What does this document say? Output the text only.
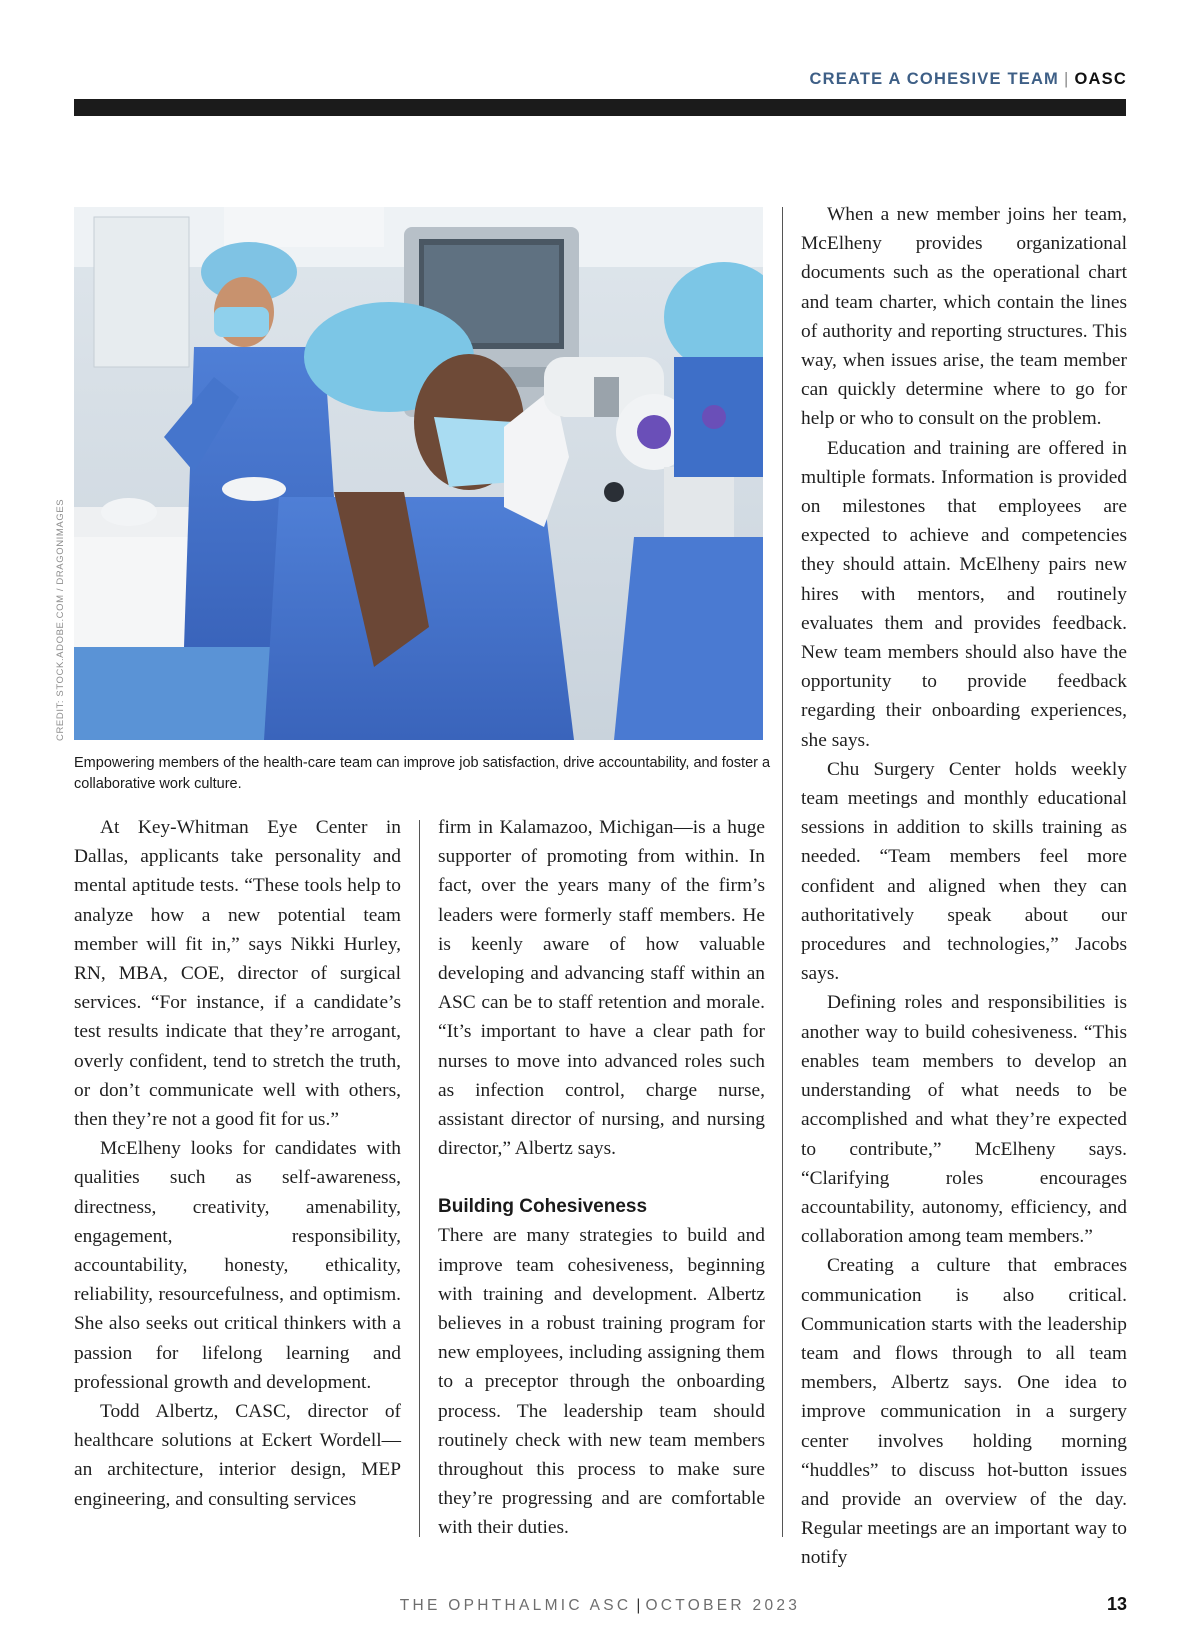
CREATE A COHESIVE TEAM | OASC
CREDIT: STOCK.ADOBE.COM / DRAGONIMAGES

Empowering members of the health-care team can improve job satisfaction, drive accountability, and foster a collaborative work culture.

At Key-Whitman Eye Center in Dallas, applicants take personality and mental aptitude tests. “These tools help to analyze how a new potential team member will fit in,” says Nikki Hurley, RN, MBA, COE, director of surgical services. “For instance, if a candidate’s test results indicate that they’re arrogant, overly confident, tend to stretch the truth, or don’t communicate well with others, then they’re not a good fit for us.”

McElheny looks for candidates with qualities such as self-awareness, directness, creativity, amenability, engagement, responsibility, accountability, honesty, ethicality, reliability, resourcefulness, and optimism. She also seeks out critical thinkers with a passion for lifelong learning and professional growth and development.

Todd Albertz, CASC, director of healthcare solutions at Eckert Wordell—an architecture, interior design, MEP engineering, and consulting services

firm in Kalamazoo, Michigan—is a huge supporter of promoting from within. In fact, over the years many of the firm’s leaders were formerly staff members. He is keenly aware of how valuable developing and advancing staff within an ASC can be to staff retention and morale. “It’s important to have a clear path for nurses to move into advanced roles such as infection control, charge nurse, assistant director of nursing, and nursing director,” Albertz says.

Building Cohesiveness

There are many strategies to build and improve team cohesiveness, beginning with training and development. Albertz believes in a robust training program for new employees, including assigning them to a preceptor through the onboarding process. The leadership team should routinely check with new team members throughout this process to make sure they’re progressing and are comfortable with their duties.

When a new member joins her team, McElheny provides organizational documents such as the operational chart and team charter, which contain the lines of authority and reporting structures. This way, when issues arise, the team member can quickly determine where to go for help or who to consult on the problem.

Education and training are offered in multiple formats. Information is provided on milestones that employees are expected to achieve and competencies they should attain. McElheny pairs new hires with mentors, and routinely evaluates them and provides feedback. New team members should also have the opportunity to provide feedback regarding their onboarding experiences, she says.

Chu Surgery Center holds weekly team meetings and monthly educational sessions in addition to skills training as needed. “Team members feel more confident and aligned when they can authoritatively speak about our procedures and technologies,” Jacobs says.

Defining roles and responsibilities is another way to build cohesiveness. “This enables team members to develop an understanding of what needs to be accomplished and what they’re expected to contribute,” McElheny says. “Clarifying roles encourages accountability, autonomy, efficiency, and collaboration among team members.”

Creating a culture that embraces communication is also critical. Communication starts with the leadership team and flows through to all team members, Albertz says. One idea to improve communication in a surgery center involves holding morning “huddles” to discuss hot-button issues and provide an overview of the day. Regular meetings are an important way to notify

THE OPHTHALMIC ASC | OCTOBER 2023	13
